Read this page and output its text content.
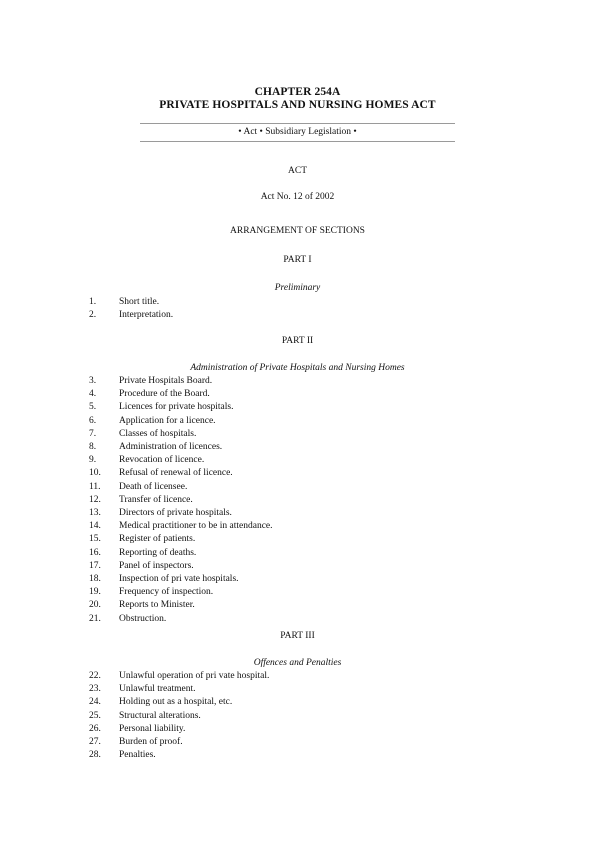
CHAPTER 254A
PRIVATE HOSPITALS AND NURSING HOMES ACT
• Act • Subsidiary Legislation •
ACT
Act No. 12 of 2002
ARRANGEMENT OF SECTIONS
PART I
Preliminary
1. Short title.
2. Interpretation.
PART II
Administration of Private Hospitals and Nursing Homes
3. Private Hospitals Board.
4. Procedure of the Board.
5. Licences for private hospitals.
6. Application for a licence.
7. Classes of hospitals.
8. Administration of licences.
9. Revocation of licence.
10. Refusal of renewal of licence.
11. Death of licensee.
12. Transfer of licence.
13. Directors of private hospitals.
14. Medical practitioner to be in attendance.
15. Register of patients.
16. Reporting of deaths.
17. Panel of inspectors.
18. Inspection of pri vate hospitals.
19. Frequency of inspection.
20. Reports to Minister.
21. Obstruction.
PART III
Offences and Penalties
22. Unlawful operation of pri vate hospital.
23. Unlawful treatment.
24. Holding out as a hospital, etc.
25. Structural alterations.
26. Personal liability.
27. Burden of proof.
28. Penalties.
